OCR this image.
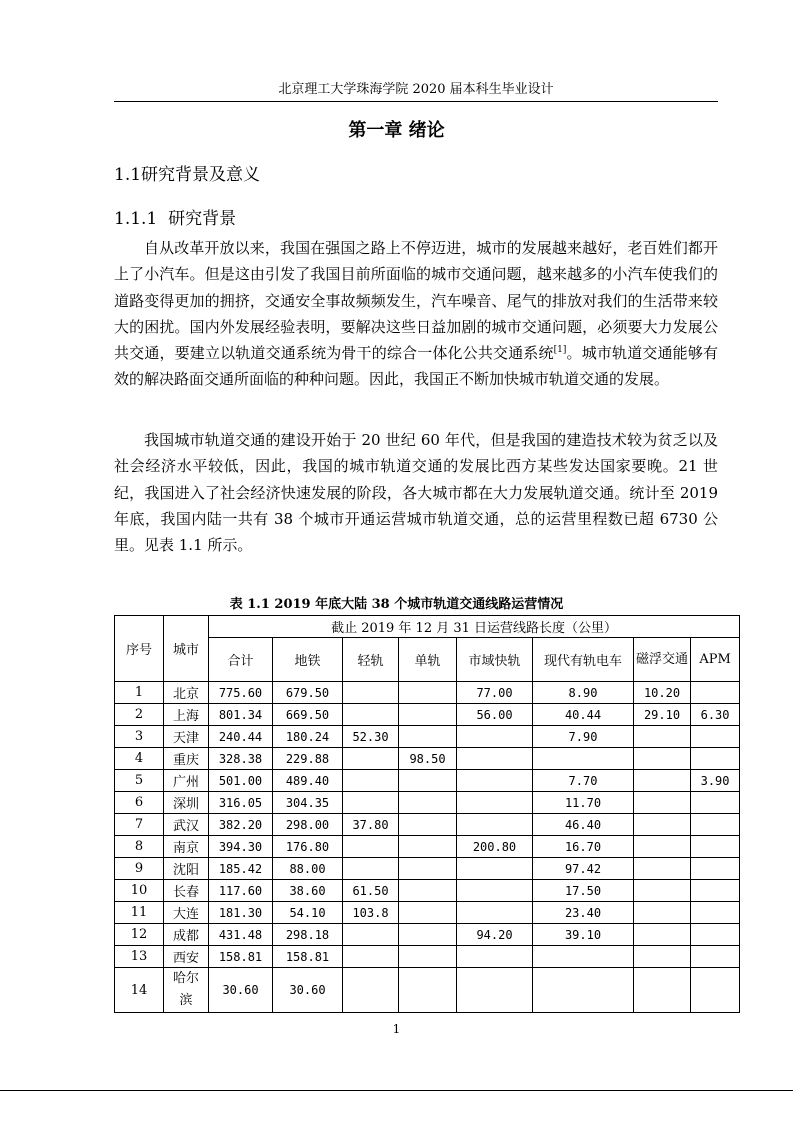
北京理工大学珠海学院 2020 届本科生毕业设计
第一章 绪论
1.1研究背景及意义
1.1.1 研究背景

自从改革开放以来，我国在强国之路上不停迈进，城市的发展越来越好，老百姓们都开上了小汽车。但是这由引发了我国目前所面临的城市交通问题，越来越多的小汽车使我们的道路变得更加的拥挤，交通安全事故频频发生，汽车噪音、尾气的排放对我们的生活带来较大的困扰。国内外发展经验表明，要解决这些日益加剧的城市交通问题，必须要大力发展公共交通，要建立以轨道交通系统为骨干的综合一体化公共交通系统[1]。城市轨道交通能够有效的解决路面交通所面临的种种问题。因此，我国正不断加快城市轨道交通的发展。

我国城市轨道交通的建设开始于 20 世纪 60 年代，但是我国的建造技术较为贫乏以及社会经济水平较低，因此，我国的城市轨道交通的发展比西方某些发达国家要晚。21 世纪，我国进入了社会经济快速发展的阶段，各大城市都在大力发展轨道交通。统计至 2019 年底，我国内陆一共有 38 个城市开通运营城市轨道交通，总的运营里程数已超 6730 公里。见表 1.1 所示。

表 1.1 2019 年底大陆 38 个城市轨道交通线路运营情况
序号	城市	截止 2019 年 12 月 31 日运营线路长度（公里）							
		合计	地铁	轻轨	单轨	市域快轨	现代有轨电车	磁浮交通	APM
1	北京	775.60	679.50			77.00	8.90	10.20	
2	上海	801.34	669.50			56.00	40.44	29.10	6.30
3	天津	240.44	180.24	52.30			7.90		
4	重庆	328.38	229.88		98.50				
5	广州	501.00	489.40				7.70		3.90
6	深圳	316.05	304.35				11.70		
7	武汉	382.20	298.00	37.80			46.40		
8	南京	394.30	176.80			200.80	16.70		
9	沈阳	185.42	88.00				97.42		
10	长春	117.60	38.60	61.50			17.50		
11	大连	181.30	54.10	103.8			23.40		
12	成都	431.48	298.18			94.20	39.10		
13	西安	158.81	158.81						
14	哈尔滨	30.60	30.60						
1
